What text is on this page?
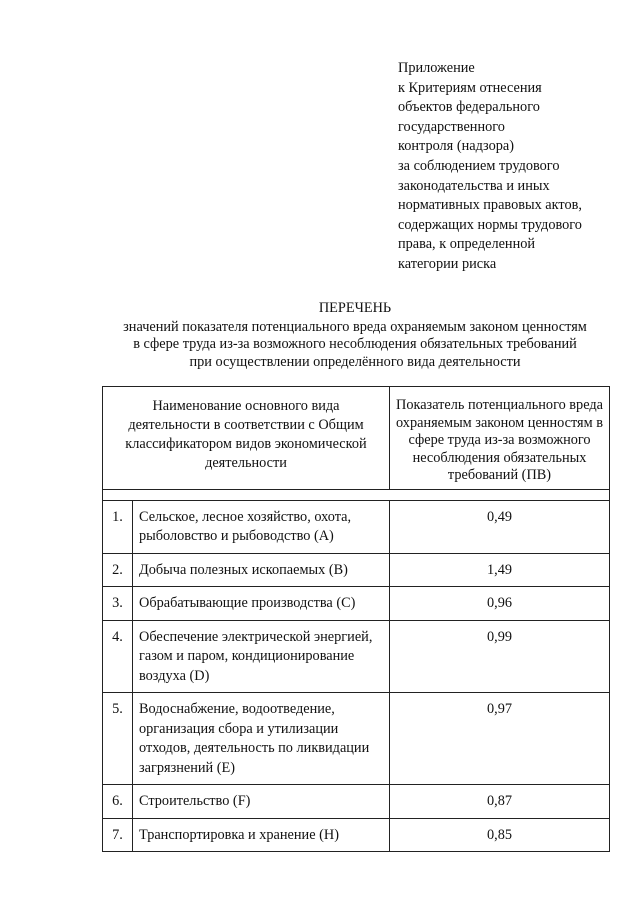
Приложение
к Критериям отнесения
объектов федерального
государственного
контроля (надзора)
за соблюдением трудового
законодательства и иных
нормативных правовых актов,
содержащих нормы трудового
права, к определенной
категории риска
ПЕРЕЧЕНЬ
значений показателя потенциального вреда охраняемым законом ценностям
в сфере труда из-за возможного несоблюдения обязательных требований
при осуществлении определённого вида деятельности
Наименование основного вида деятельности в соответствии с Общим классификатором видов экономической деятельности		Показатель потенциального вреда охраняемым законом ценностям в сфере труда из-за возможного несоблюдения обязательных требований (ПВ)

1.	Сельское, лесное хозяйство, охота, рыболовство и рыбоводство (A)	0,49
2.	Добыча полезных ископаемых (B)	1,49
3.	Обрабатывающие производства (C)	0,96
4.	Обеспечение электрической энергией, газом и паром, кондиционирование воздуха (D)	0,99
5.	Водоснабжение, водоотведение, организация сбора и утилизации отходов, деятельность по ликвидации загрязнений (E)	0,97
6.	Строительство (F)	0,87
7.	Транспортировка и хранение (H)	0,85
